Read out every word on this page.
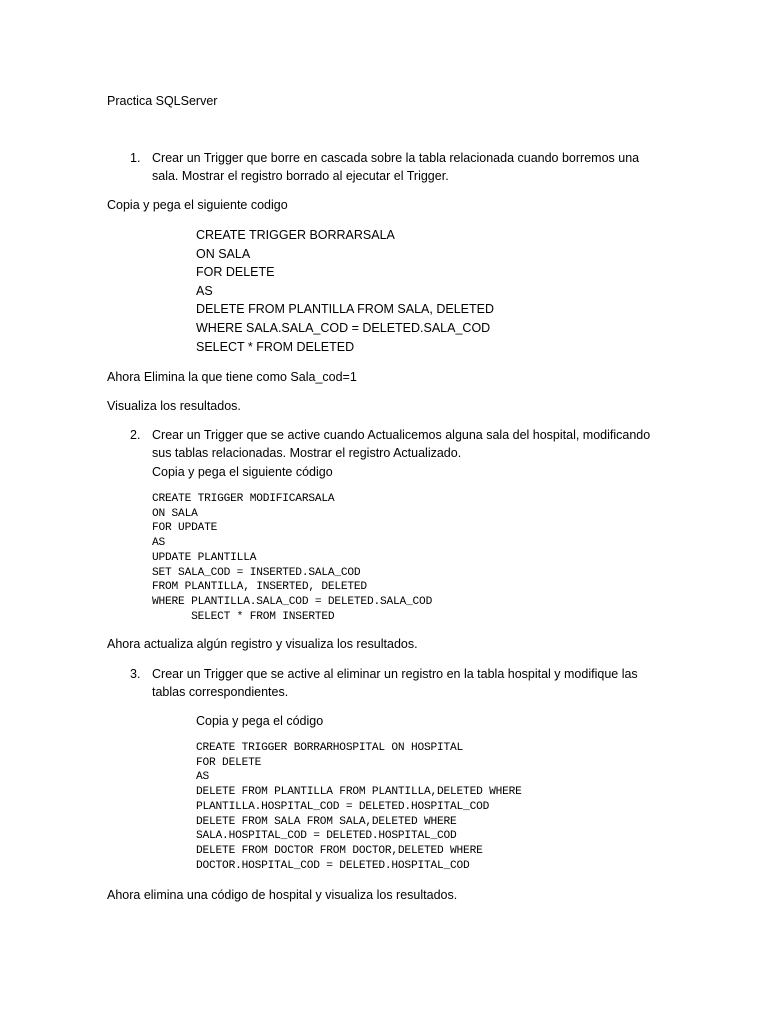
Practica SQLServer
1. Crear un Trigger que borre en cascada sobre la tabla relacionada cuando borremos una
sala. Mostrar el registro borrado al ejecutar el Trigger.
Copia y pega el siguiente codigo
CREATE TRIGGER BORRARSALA
ON SALA
FOR DELETE
AS
DELETE FROM PLANTILLA FROM SALA, DELETED
WHERE SALA.SALA_COD = DELETED.SALA_COD
SELECT * FROM DELETED
Ahora Elimina la que tiene como Sala_cod=1
Visualiza los resultados.
2. Crear un Trigger que se active cuando Actualicemos alguna sala del hospital, modificando
sus tablas relacionadas. Mostrar el registro Actualizado.
Copia y pega el siguiente código
CREATE TRIGGER MODIFICARSALA
ON SALA
FOR UPDATE
AS
UPDATE PLANTILLA
SET SALA_COD = INSERTED.SALA_COD
FROM PLANTILLA, INSERTED, DELETED
WHERE PLANTILLA.SALA_COD = DELETED.SALA_COD
SELECT * FROM INSERTED
Ahora actualiza algún registro y visualiza los resultados.
3. Crear un Trigger que se active al eliminar un registro en la tabla hospital y modifique las
tablas correspondientes.
Copia y pega el código
CREATE TRIGGER BORRARHOSPITAL ON HOSPITAL
FOR DELETE
AS
DELETE FROM PLANTILLA FROM PLANTILLA,DELETED WHERE
PLANTILLA.HOSPITAL_COD = DELETED.HOSPITAL_COD
DELETE FROM SALA FROM SALA,DELETED WHERE
SALA.HOSPITAL_COD = DELETED.HOSPITAL_COD
DELETE FROM DOCTOR FROM DOCTOR,DELETED WHERE
DOCTOR.HOSPITAL_COD = DELETED.HOSPITAL_COD
Ahora elimina una código de hospital y visualiza los resultados.
